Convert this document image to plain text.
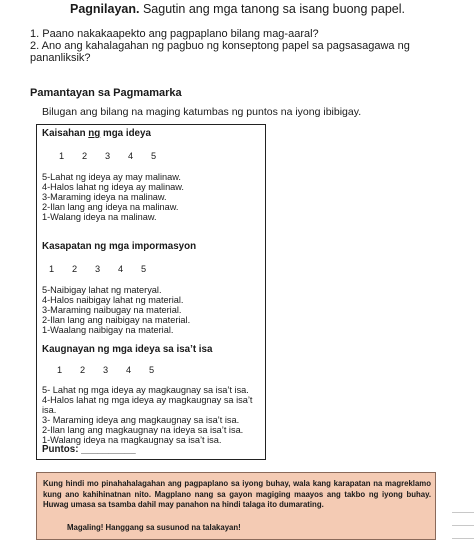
Pagnilayan. Sagutin ang mga tanong sa isang buong papel.
1. Paano nakakaapekto ang pagpaplano bilang mag-aaral?
2. Ano ang kahalagahan ng pagbuo ng konseptong papel sa pagsasagawa ng pananliksik?
Pamantayan sa Pagmamarka
Bilugan ang bilang na maging katumbas ng puntos na iyong ibibigay.
Kaisahan ng mga ideya
1 2 3 4 5
5-Lahat ng ideya ay may malinaw.
4-Halos lahat ng ideya ay malinaw.
3-Maraming ideya na malinaw.
2-Ilan lang ang ideya na malinaw.
1-Walang ideya na malinaw.
Kasapatan ng mga impormasyon
1 2 3 4 5
5-Naibigay lahat ng materyal.
4-Halos naibigay lahat ng material.
3-Maraming naibugay na material.
2-Ilan lang ang naibigay na material.
1-Waalang naibigay na material.
Kaugnayan ng mga ideya sa isa’t isa
1 2 3 4 5
5- Lahat ng mga ideya ay magkaugnay sa isa’t isa.
4-Halos lahat ng mga ideya ay magkaugnay sa isa’t
isa.
3- Maraming ideya ang magkaugnay sa isa’t isa.
2-Ilan lang ang magkaugnay na ideya sa isa’t isa.
1-Walang ideya na magkaugnay sa isa’t isa.
Puntos: __________
Kung hindi mo pinahahalagahan ang pagpaplano sa iyong buhay, wala kang karapatan na magreklamo kung ano kahihinatnan nito. Magplano nang sa gayon magiging maayos ang takbo ng iyong buhay. Huwag umasa sa tsamba dahil may panahon na hindi talaga ito dumarating.
Magaling! Hanggang sa susunod na talakayan!
